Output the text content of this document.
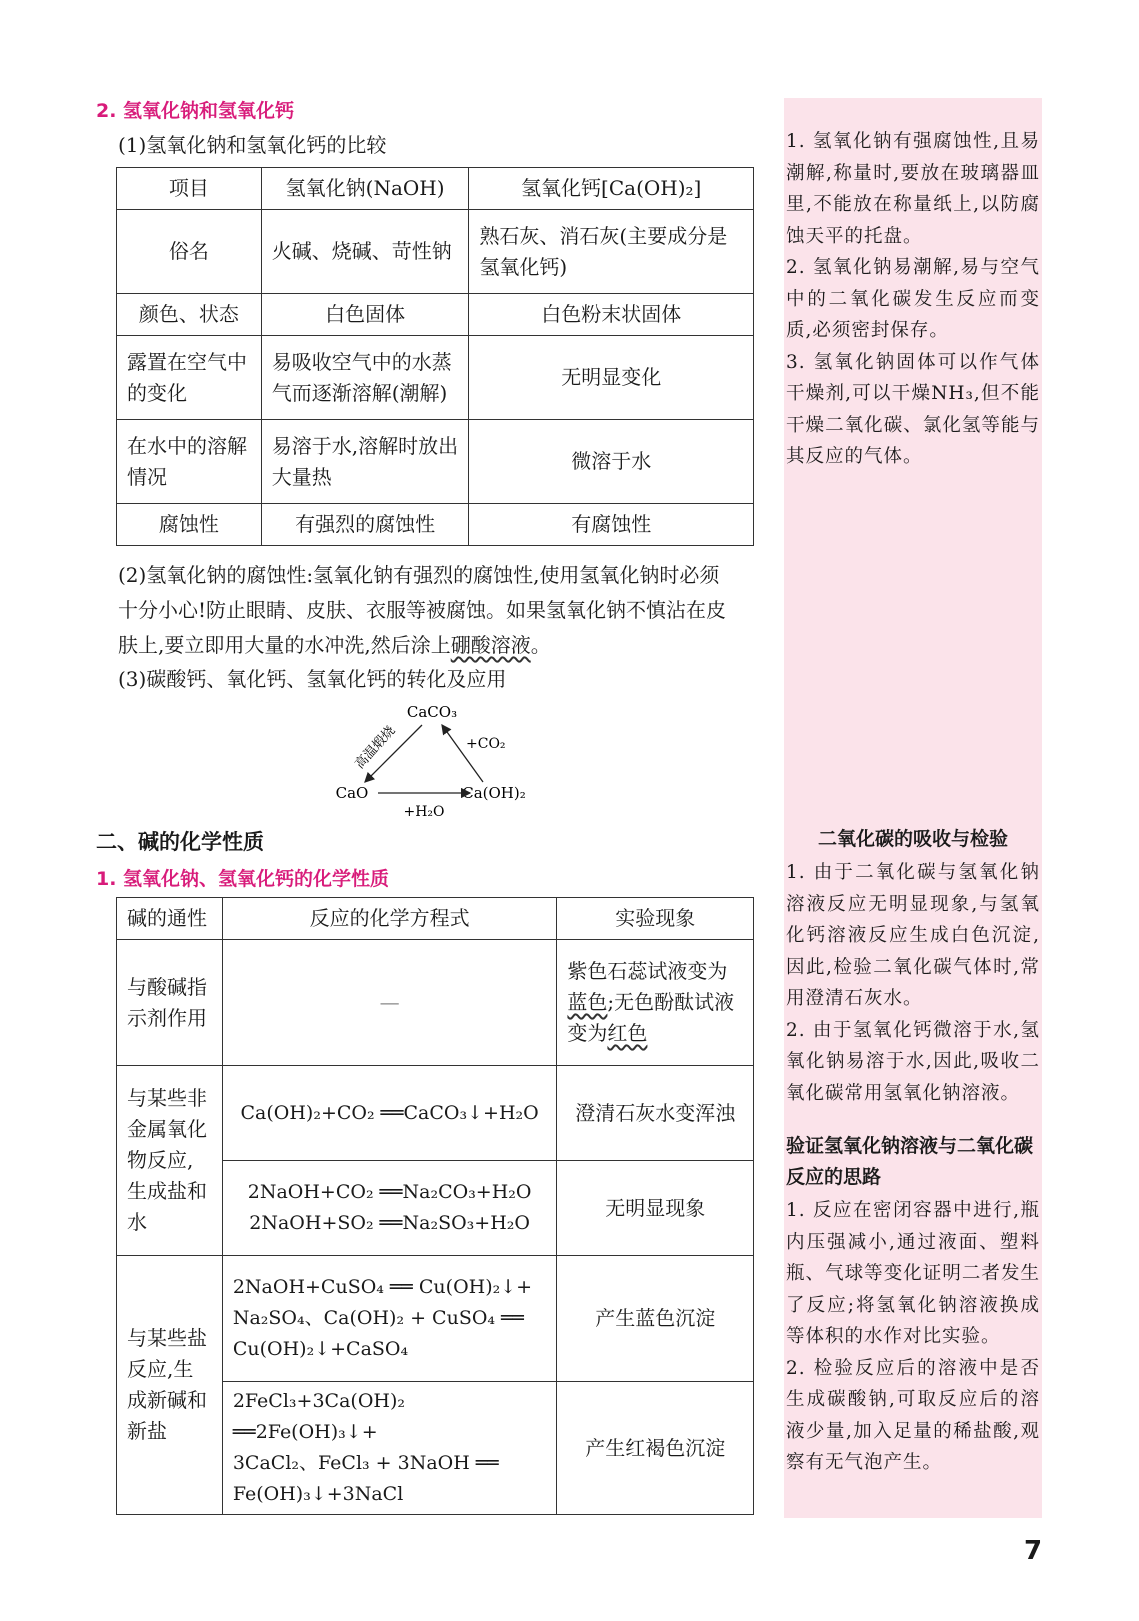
2. 氢氧化钠和氢氧化钙
(1)氢氧化钠和氢氧化钙的比较
项目	氢氧化钠(NaOH)	氢氧化钙[Ca(OH)₂]
俗名	火碱、烧碱、苛性钠	熟石灰、消石灰(主要成分是氢氧化钙)
颜色、状态	白色固体	白色粉末状固体
露置在空气中的变化	易吸收空气中的水蒸气而逐渐溶解(潮解)	无明显变化
在水中的溶解情况	易溶于水,溶解时放出大量热	微溶于水
腐蚀性	有强烈的腐蚀性	有腐蚀性
(2)氢氧化钠的腐蚀性:氢氧化钠有强烈的腐蚀性,使用氢氧化钠时必须
十分小心!防止眼睛、皮肤、衣服等被腐蚀。如果氢氧化钠不慎沾在皮
肤上,要立即用大量的水冲洗,然后涂上硼酸溶液。
(3)碳酸钙、氧化钙、氢氧化钙的转化及应用
CaCO₃
CaO	Ca(OH)₂
高温煅烧	+CO₂
+H₂O
二、碱的化学性质
1. 氢氧化钠、氢氧化钙的化学性质
碱的通性	反应的化学方程式	实验现象
与酸碱指示剂作用	—	紫色石蕊试液变为蓝色;无色酚酞试液变为红色
与某些非金属氧化物反应,生成盐和水	Ca(OH)₂+CO₂ ══CaCO₃↓+H₂O	澄清石灰水变浑浊

	2NaOH+CO₂ ══Na₂CO₃+H₂O
2NaOH+SO₂ ══Na₂SO₃+H₂O	无明显现象
与某些盐反应,生成新碱和新盐	2NaOH+CuSO₄ ══ Cu(OH)₂↓+
Na₂SO₄、Ca(OH)₂ + CuSO₄ ══
Cu(OH)₂↓+CaSO₄	产生蓝色沉淀

	2FeCl₃+3Ca(OH)₂ ══2Fe(OH)₃↓+
3CaCl₂、FeCl₃ + 3NaOH ══
Fe(OH)₃↓+3NaCl	产生红褐色沉淀
1. 氢氧化钠有强腐蚀性,且易潮解,称量时,要放在玻璃器皿里,不能放在称量纸上,以防腐蚀天平的托盘。
2. 氢氧化钠易潮解,易与空气中的二氧化碳发生反应而变质,必须密封保存。
3. 氢氧化钠固体可以作气体干燥剂,可以干燥NH₃,但不能干燥二氧化碳、氯化氢等能与其反应的气体。
二氧化碳的吸收与检验
1. 由于二氧化碳与氢氧化钠溶液反应无明显现象,与氢氧化钙溶液反应生成白色沉淀,因此,检验二氧化碳气体时,常用澄清石灰水。
2. 由于氢氧化钙微溶于水,氢氧化钠易溶于水,因此,吸收二氧化碳常用氢氧化钠溶液。
验证氢氧化钠溶液与二氧化碳反应的思路
1. 反应在密闭容器中进行,瓶内压强减小,通过液面、塑料瓶、气球等变化证明二者发生了反应;将氢氧化钠溶液换成等体积的水作对比实验。
2. 检验反应后的溶液中是否生成碳酸钠,可取反应后的溶液少量,加入足量的稀盐酸,观察有无气泡产生。
7
